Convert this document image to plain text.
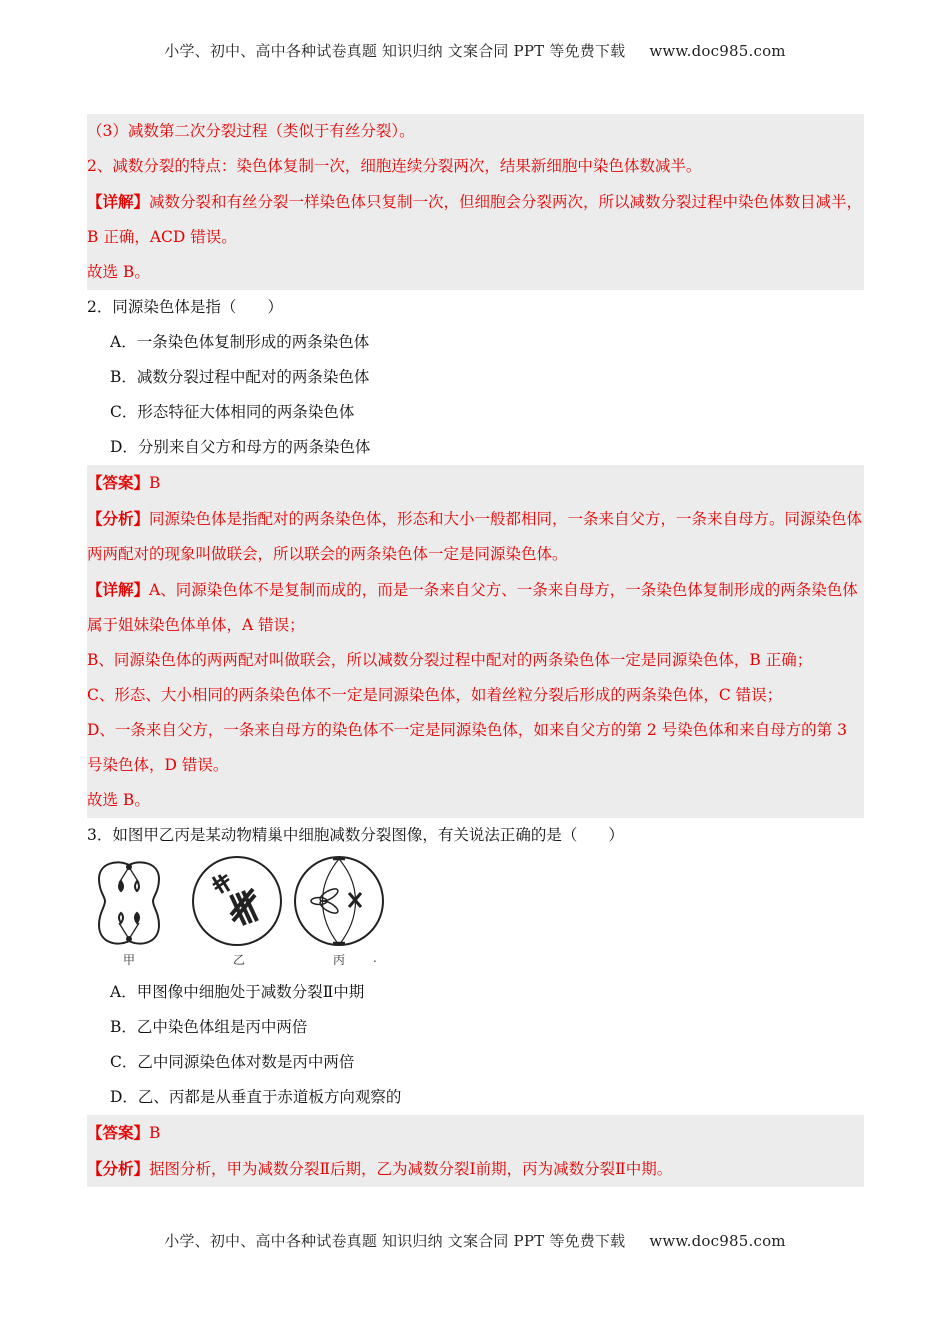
小学、初中、高中各种试卷真题 知识归纳 文案合同 PPT 等免费下载 www.doc985.com
（3）减数第二次分裂过程（类似于有丝分裂）。
2、减数分裂的特点：染色体复制一次，细胞连续分裂两次，结果新细胞中染色体数减半。
【详解】减数分裂和有丝分裂一样染色体只复制一次，但细胞会分裂两次，所以减数分裂过程中染色体数目减半，B 正确，ACD 错误。
故选 B。
2．同源染色体是指（　　）
A．一条染色体复制形成的两条染色体
B．减数分裂过程中配对的两条染色体
C．形态特征大体相同的两条染色体
D．分别来自父方和母方的两条染色体
【答案】B
【分析】同源染色体是指配对的两条染色体，形态和大小一般都相同，一条来自父方，一条来自母方。同源染色体两两配对的现象叫做联会，所以联会的两条染色体一定是同源染色体。
【详解】A、同源染色体不是复制而成的，而是一条来自父方、一条来自母方，一条染色体复制形成的两条染色体属于姐妹染色体单体，A 错误；
B、同源染色体的两两配对叫做联会，所以减数分裂过程中配对的两条染色体一定是同源染色体，B 正确；
C、形态、大小相同的两条染色体不一定是同源染色体，如着丝粒分裂后形成的两条染色体，C 错误；
D、一条来自父方，一条来自母方的染色体不一定是同源染色体，如来自父方的第 2 号染色体和来自母方的第 3 号染色体，D 错误。
故选 B。
3．如图甲乙丙是某动物精巢中细胞减数分裂图像，有关说法正确的是（　　）
甲	乙	丙 .
A．甲图像中细胞处于减数分裂Ⅱ中期
B．乙中染色体组是丙中两倍
C．乙中同源染色体对数是丙中两倍
D．乙、丙都是从垂直于赤道板方向观察的
【答案】B
【分析】据图分析，甲为减数分裂Ⅱ后期，乙为减数分裂Ⅰ前期，丙为减数分裂Ⅱ中期。
小学、初中、高中各种试卷真题 知识归纳 文案合同 PPT 等免费下载 www.doc985.com
